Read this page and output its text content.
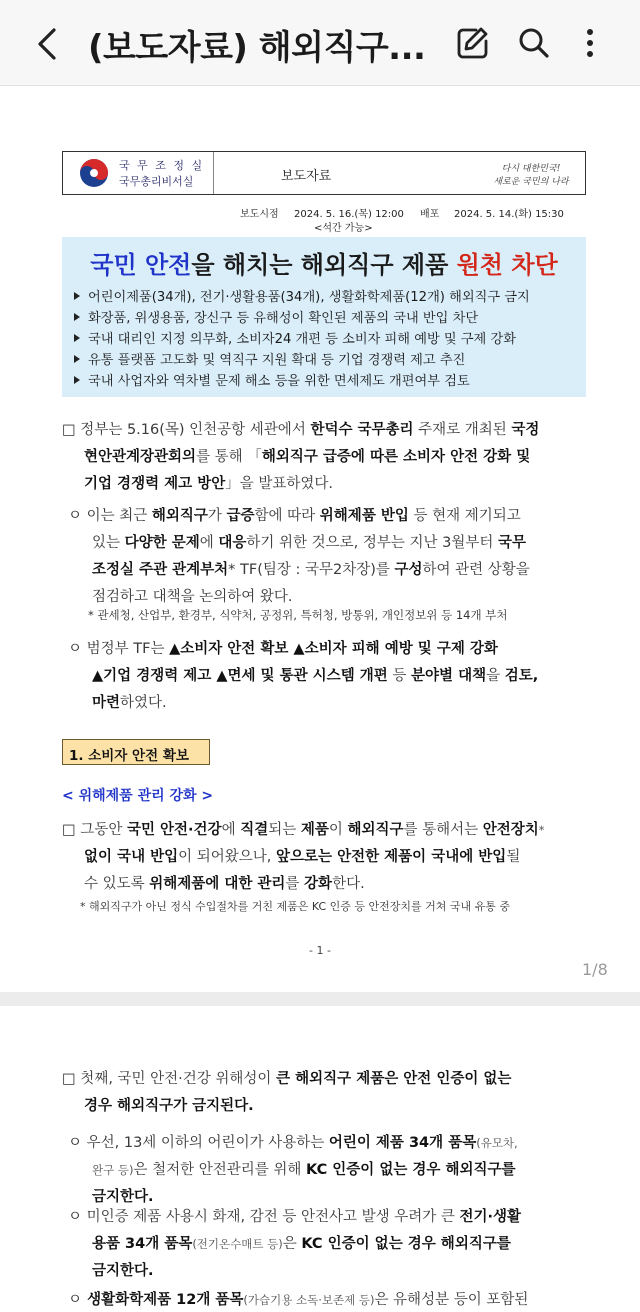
(보도자료) 해외직구...
국 무 조 정 실
국무총리비서실	보도자료	다시 대한민국!
새로운 국민의 나라
보도시점 2024. 5. 16.(목) 12:00
<석간 가능>
배포 2024. 5. 14.(화) 15:30
국민 안전을 해치는 해외직구 제품 원천 차단
어린이제품(34개), 전기·생활용품(34개), 생활화학제품(12개) 해외직구 금지
화장품, 위생용품, 장신구 등 유해성이 확인된 제품의 국내 반입 차단
국내 대리인 지정 의무화, 소비자24 개편 등 소비자 피해 예방 및 구제 강화
유통 플랫폼 고도화 및 역직구 지원 확대 등 기업 경쟁력 제고 추진
국내 사업자와 역차별 문제 해소 등을 위한 면세제도 개편여부 검토
□ 정부는 5.16(목) 인천공항 세관에서 한덕수 국무총리 주재로 개최된 국정
현안관계장관회의를 통해 「해외직구 급증에 따른 소비자 안전 강화 및
기업 경쟁력 제고 방안」을 발표하였다.
ㅇ 이는 최근 해외직구가 급증함에 따라 위해제품 반입 등 현재 제기되고
있는 다양한 문제에 대응하기 위한 것으로, 정부는 지난 3월부터 국무
조정실 주관 관계부처* TF(팀장 : 국무2차장)를 구성하여 관련 상황을
점검하고 대책을 논의하여 왔다.
* 관세청, 산업부, 환경부, 식약처, 공정위, 특허청, 방통위, 개인정보위 등 14개 부처
ㅇ 범정부 TF는 ▲소비자 안전 확보 ▲소비자 피해 예방 및 구제 강화
▲기업 경쟁력 제고 ▲면세 및 통관 시스템 개편 등 분야별 대책을 검토,
마련하였다.
1. 소비자 안전 확보
< 위해제품 관리 강화 >
□ 그동안 국민 안전·건강에 직결되는 제품이 해외직구를 통해서는 안전장치*
없이 국내 반입이 되어왔으나, 앞으로는 안전한 제품이 국내에 반입될
수 있도록 위해제품에 대한 관리를 강화한다.
* 해외직구가 아닌 정식 수입절차를 거친 제품은 KC 인증 등 안전장치를 거쳐 국내 유통 중
- 1 -
1/8
□ 첫째, 국민 안전·건강 위해성이 큰 해외직구 제품은 안전 인증이 없는
경우 해외직구가 금지된다.
ㅇ 우선, 13세 이하의 어린이가 사용하는 어린이 제품 34개 품목(유모차,
완구 등)은 철저한 안전관리를 위해 KC 인증이 없는 경우 해외직구를
금지한다.
ㅇ 미인증 제품 사용시 화재, 감전 등 안전사고 발생 우려가 큰 전기·생활
용품 34개 품목(전기온수매트 등)은 KC 인증이 없는 경우 해외직구를
금지한다.
ㅇ 생활화학제품 12개 품목(가습기용 소독·보존제 등)은 유해성분 등이 포함된
